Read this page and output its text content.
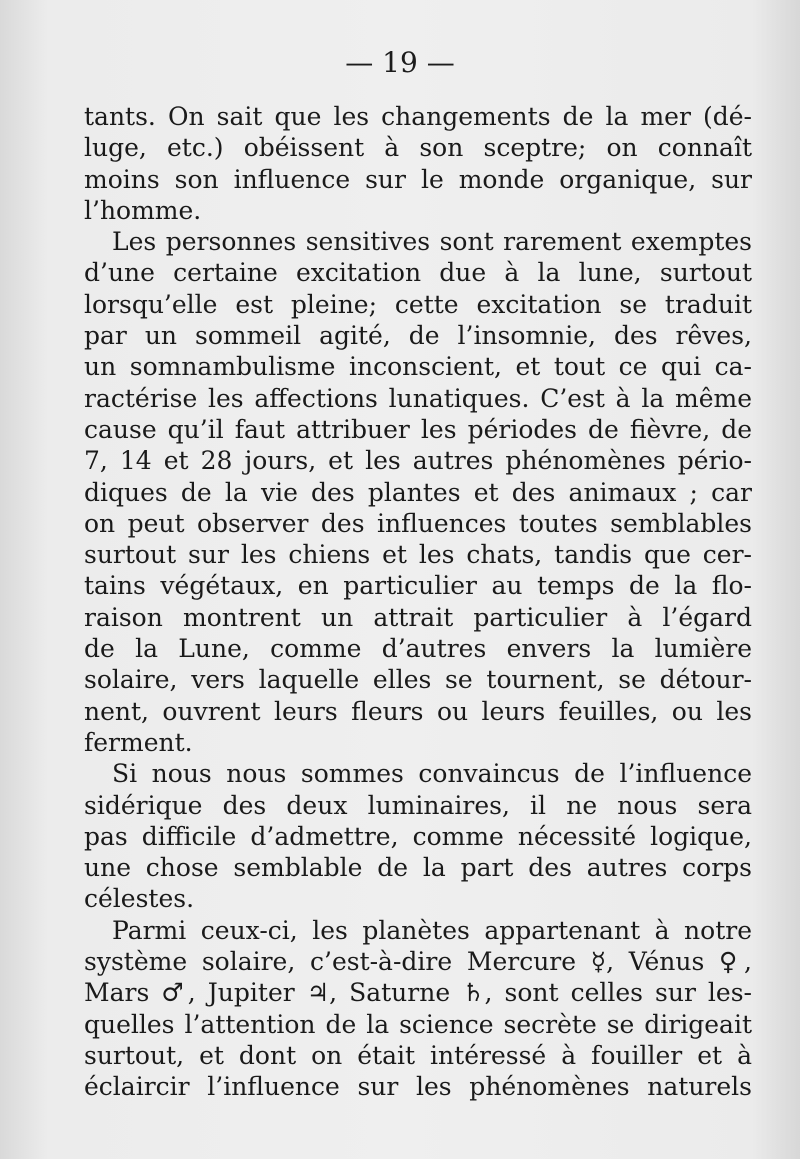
— 19 —
tants. On sait que les changements de la mer (dé-
luge, etc.) obéissent à son sceptre; on connaît
moins son influence sur le monde organique, sur
l’homme.
Les personnes sensitives sont rarement exemptes
d’une certaine excitation due à la lune, surtout
lorsqu’elle est pleine; cette excitation se traduit
par un sommeil agité, de l’insomnie, des rêves,
un somnambulisme inconscient, et tout ce qui ca-
ractérise les affections lunatiques. C’est à la même
cause qu’il faut attribuer les périodes de fièvre, de
7, 14 et 28 jours, et les autres phénomènes pério-
diques de la vie des plantes et des animaux ; car
on peut observer des influences toutes semblables
surtout sur les chiens et les chats, tandis que cer-
tains végétaux, en particulier au temps de la flo-
raison montrent un attrait particulier à l’égard
de la Lune, comme d’autres envers la lumière
solaire, vers laquelle elles se tournent, se détour-
nent, ouvrent leurs fleurs ou leurs feuilles, ou les
ferment.
Si nous nous sommes convaincus de l’influence
sidérique des deux luminaires, il ne nous sera
pas difficile d’admettre, comme nécessité logique,
une chose semblable de la part des autres corps
célestes.
Parmi ceux-ci, les planètes appartenant à notre
système solaire, c’est-à-dire Mercure ☿, Vénus ♀,
Mars ♂, Jupiter ♃, Saturne ♄, sont celles sur les-
quelles l’attention de la science secrète se dirigeait
surtout, et dont on était intéressé à fouiller et à
éclaircir l’influence sur les phénomènes naturels
